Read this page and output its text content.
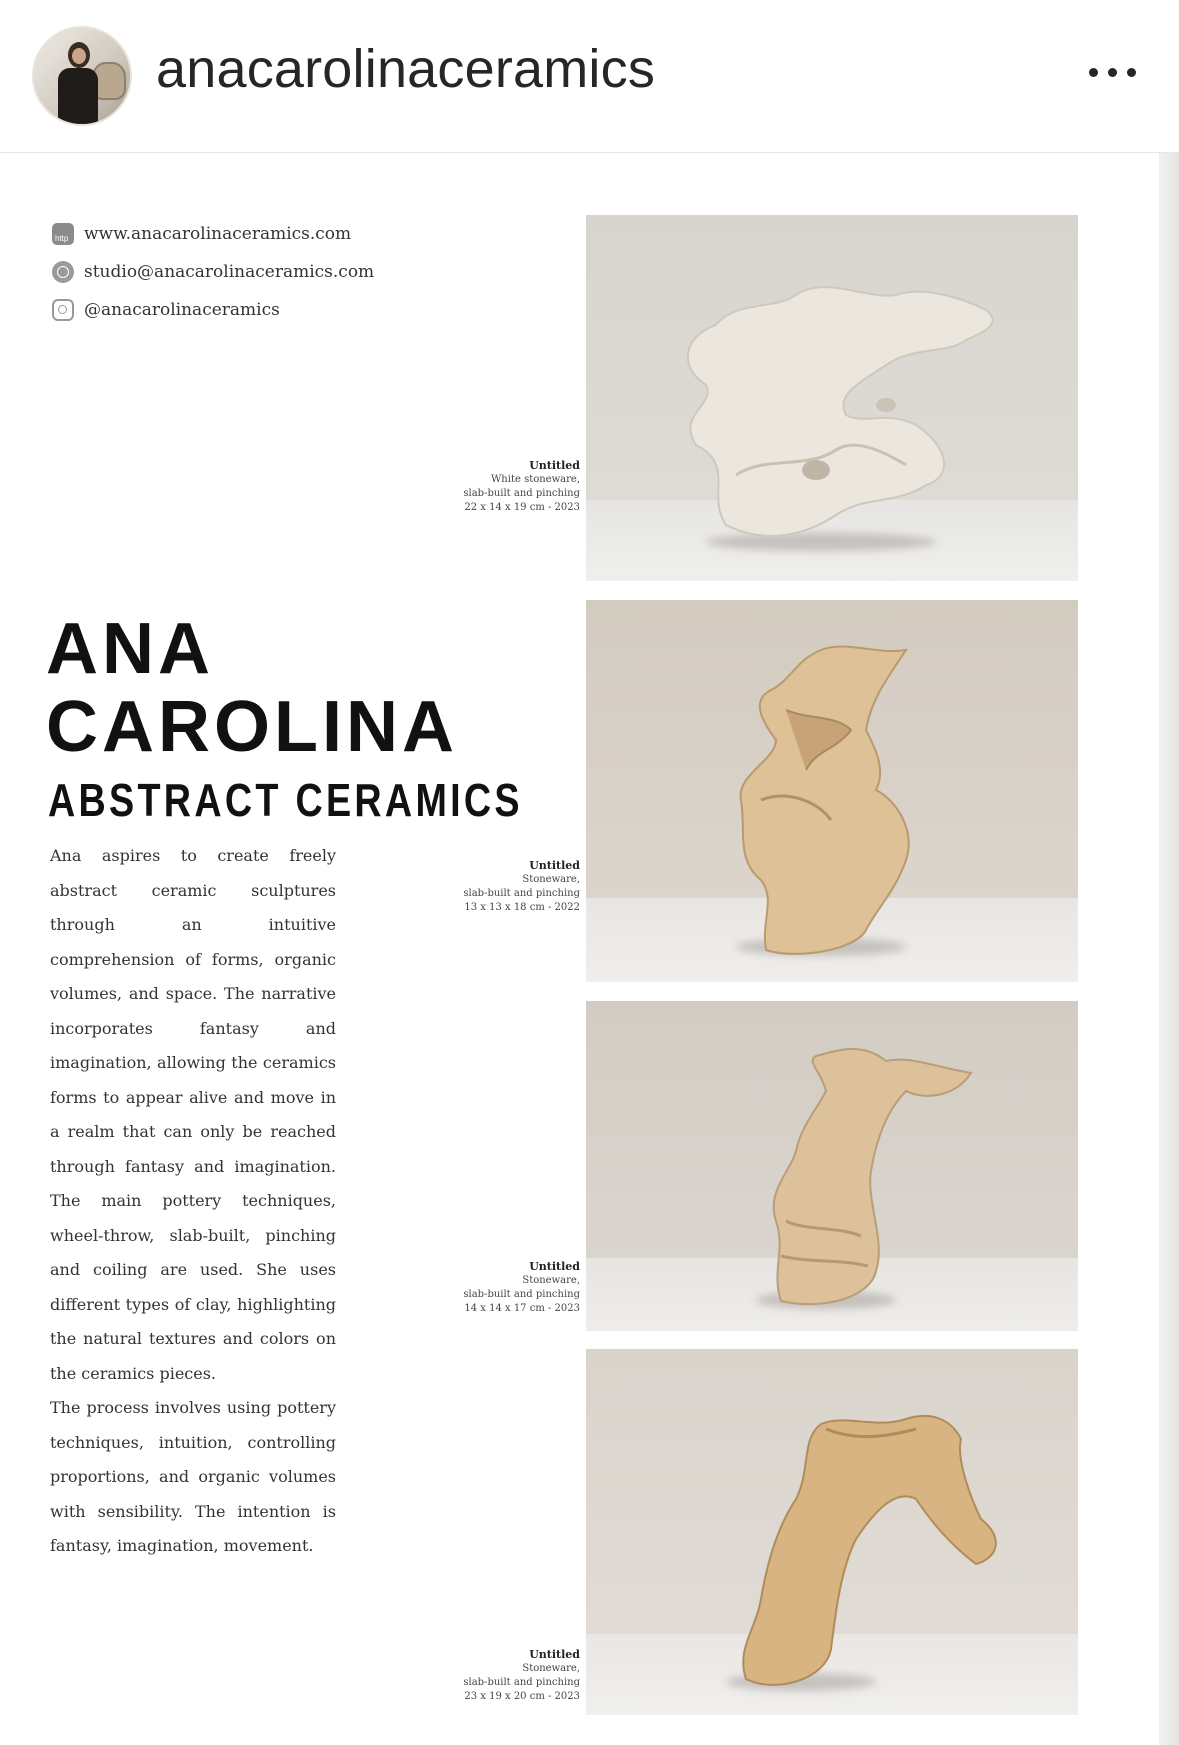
anacarolinaceramics
http www.anacarolinaceramics.com
studio@anacarolinaceramics.com
@anacarolinaceramics
ANA
CAROLINA
ABSTRACT CERAMICS

Ana aspires to create freely abstract ceramic sculptures through an intuitive comprehension of forms, organic volumes, and space. The narrative incorporates fantasy and imagination, allowing the ceramics forms to appear alive and move in a realm that can only be reached through fantasy and imagination. The main pottery techniques, wheel-throw, slab-built, pinching and coiling are used. She uses different types of clay, highlighting the natural textures and colors on the ceramics pieces.

The process involves using pottery techniques, intuition, controlling proportions, and organic volumes with sensibility. The intention is fantasy, imagination, movement.

Untitled
White stoneware,
slab-built and pinching
22 x 14 x 19 cm - 2023
Untitled
Stoneware,
slab-built and pinching
13 x 13 x 18 cm - 2022
Untitled
Stoneware,
slab-built and pinching
14 x 14 x 17 cm - 2023
Untitled
Stoneware,
slab-built and pinching
23 x 19 x 20 cm - 2023
